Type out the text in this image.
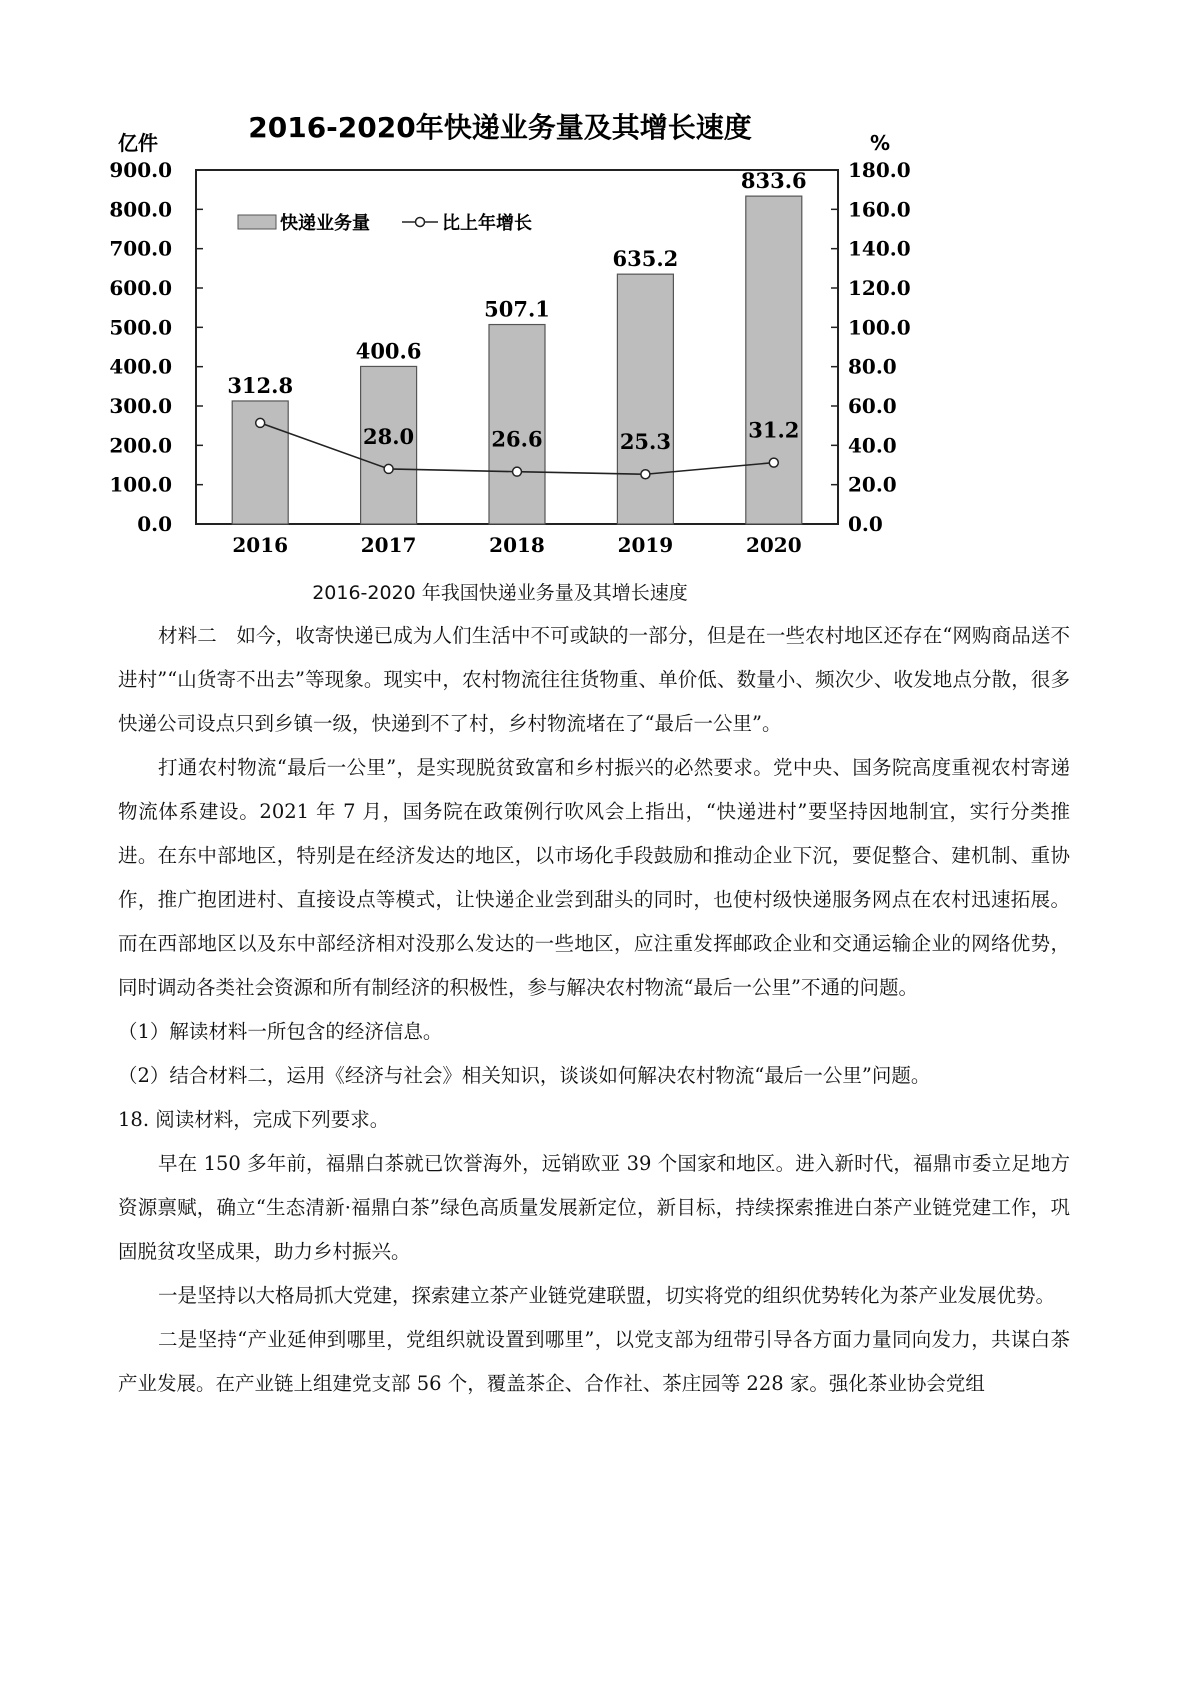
2016-2020年快递业务量及其增长速度
亿件	%
0.0
100.0
200.0
300.0
400.0
500.0
600.0
700.0
800.0
900.0
0.0
20.0
40.0
60.0
80.0
100.0
120.0
140.0
160.0
180.0
312.8
400.6
507.1
635.2
833.6
28.0	26.6	25.3	31.2
2016	2017	2018	2019	2020
快递业务量	比上年增长
2016-2020 年我国快递业务量及其增长速度

材料二　如今，收寄快递已成为人们生活中不可或缺的一部分，但是在一些农村地区还存在“网购商品送不进村”“山货寄不出去”等现象。现实中，农村物流往往货物重、单价低、数量小、频次少、收发地点分散，很多快递公司设点只到乡镇一级，快递到不了村，乡村物流堵在了“最后一公里”。

打通农村物流“最后一公里”，是实现脱贫致富和乡村振兴的必然要求。党中央、国务院高度重视农村寄递物流体系建设。2021 年 7 月，国务院在政策例行吹风会上指出，“快递进村”要坚持因地制宜，实行分类推进。在东中部地区，特别是在经济发达的地区，以市场化手段鼓励和推动企业下沉，要促整合、建机制、重协作，推广抱团进村、直接设点等模式，让快递企业尝到甜头的同时，也使村级快递服务网点在农村迅速拓展。而在西部地区以及东中部经济相对没那么发达的一些地区，应注重发挥邮政企业和交通运输企业的网络优势，同时调动各类社会资源和所有制经济的积极性，参与解决农村物流“最后一公里”不通的问题。

（1）解读材料一所包含的经济信息。

（2）结合材料二，运用《经济与社会》相关知识，谈谈如何解决农村物流“最后一公里”问题。

18. 阅读材料，完成下列要求。

早在 150 多年前，福鼎白茶就已饮誉海外，远销欧亚 39 个国家和地区。进入新时代，福鼎市委立足地方资源禀赋，确立“生态清新·福鼎白茶”绿色高质量发展新定位，新目标，持续探索推进白茶产业链党建工作，巩固脱贫攻坚成果，助力乡村振兴。

一是坚持以大格局抓大党建，探索建立茶产业链党建联盟，切实将党的组织优势转化为茶产业发展优势。

二是坚持“产业延伸到哪里，党组织就设置到哪里”，以党支部为纽带引导各方面力量同向发力，共谋白茶产业发展。在产业链上组建党支部 56 个，覆盖茶企、合作社、茶庄园等 228 家。强化茶业协会党组
